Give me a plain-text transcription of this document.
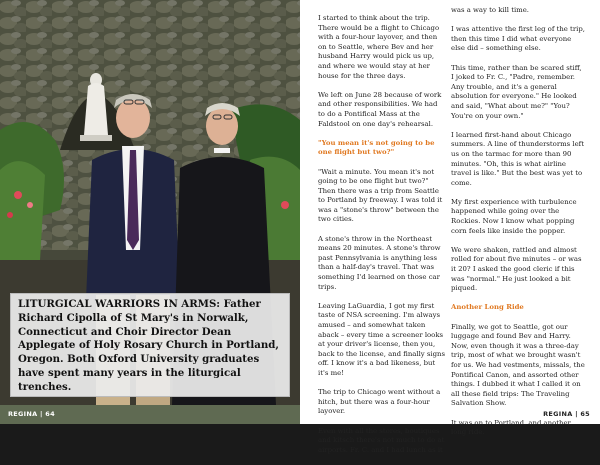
LITURGICAL WARRIORS IN ARMS: Father Richard Cipolla of St Mary's in Norwalk, Connecticut and Choir Director Dean Applegate of Holy Rosary Church in Portland, Oregon. Both Oxford University graduates have spent many years in the liturgical trenches.
REGINA | 64

I started to think about the trip. There would be a flight to Chicago with a four-hour layover, and then on to Seattle, where Bev and her husband Harry would pick us up, and where we would stay at her house for the three days.

We left on June 28 because of work and other responsibilities. We had to do a Pontifical Mass at the Faldstool on one day's rehearsal.

"You mean it's not going to be one flight but two?"

"Wait a minute. You mean it's not going to be one flight but two?" Then there was a trip from Seattle to Portland by freeway. I was told it was a "stone's throw" between the two cities.

A stone's throw in the Northeast means 20 minutes. A stone's throw past Pennsylvania is anything less than a half-day's travel. That was something I'd learned on those car trips.

Leaving LaGuardia, I got my first taste of NSA screening. I'm always amused – and somewhat taken aback – every time a screener looks at your driver's license, then you, back to the license, and finally signs off. I know it's a bad likeness, but it's me!

The trip to Chicago went without a hitch, but there was a four-hour layover.

Even with all the stores, boutiques and kitsch there's not much to do at airports. Fr. C. and I had lunch as it

was a way to kill time.

I was attentive the first leg of the trip, then this time I did what everyone else did – something else.

This time, rather than be scared stiff, I joked to Fr. C., "Padre, remember. Any trouble, and it's a general absolution for everyone." He looked and said, "What about me?" "You? You're on your own."

I learned first-hand about Chicago summers. A line of thunderstorms left us on the tarmac for more than 90 minutes. "Oh, this is what airline travel is like." But the best was yet to come.

My first experience with turbulence happened while going over the Rockies. Now I know what popping corn feels like inside the popper.

We were shaken, rattled and almost rolled for about five minutes – or was it 20? I asked the good cleric if this was "normal." He just looked a bit piqued.

Another Long Ride

Finally, we got to Seattle, got our luggage and found Bev and Harry. Now, even though it was a three-day trip, most of what we brought wasn't for us. We had vestments, missals, the Pontifical Canon, and assorted other things. I dubbed it what I called it on all these field trips: The Traveling Salvation Show.

It was on to Portland, and another long ride.

REGINA | 65
